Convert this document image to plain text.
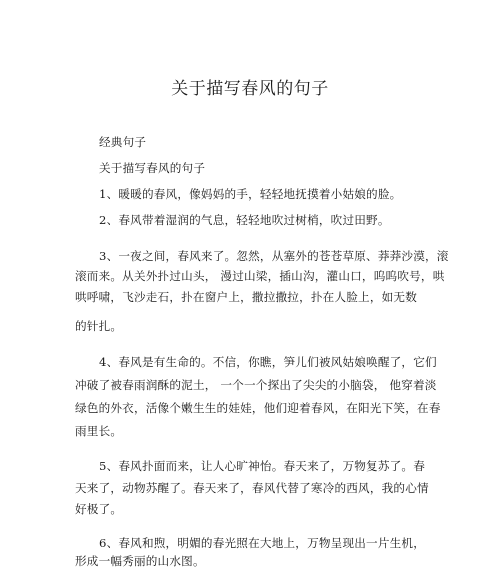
关于描写春风的句子
经典句子
关于描写春风的句子
1、暖暖的春风，像妈妈的手，轻轻地抚摸着小姑娘的脸。
2、春风带着湿润的气息，轻轻地吹过树梢，吹过田野。
3、一夜之间，春风来了。忽然，从塞外的苍苍草原、莽莽沙漠，滚
滚而来。从关外扑过山头， 漫过山梁，插山沟，灌山口，呜呜吹号，哄
哄呼啸，飞沙走石，扑在窗户上，撒拉撒拉，扑在人脸上，如无数
的针扎。
4、春风是有生命的。不信，你瞧，笋儿们被风姑娘唤醒了，它们
冲破了被春雨润酥的泥土， 一个一个探出了尖尖的小脑袋， 他穿着淡
绿色的外衣，活像个嫩生生的娃娃，他们迎着春风，在阳光下笑，在春
雨里长。
5、春风扑面而来，让人心旷神怡。春天来了，万物复苏了。春
天来了，动物苏醒了。春天来了，春风代替了寒冷的西风，我的心情
好极了。
6、春风和煦，明媚的春光照在大地上，万物呈现出一片生机，
形成一幅秀丽的山水图。
